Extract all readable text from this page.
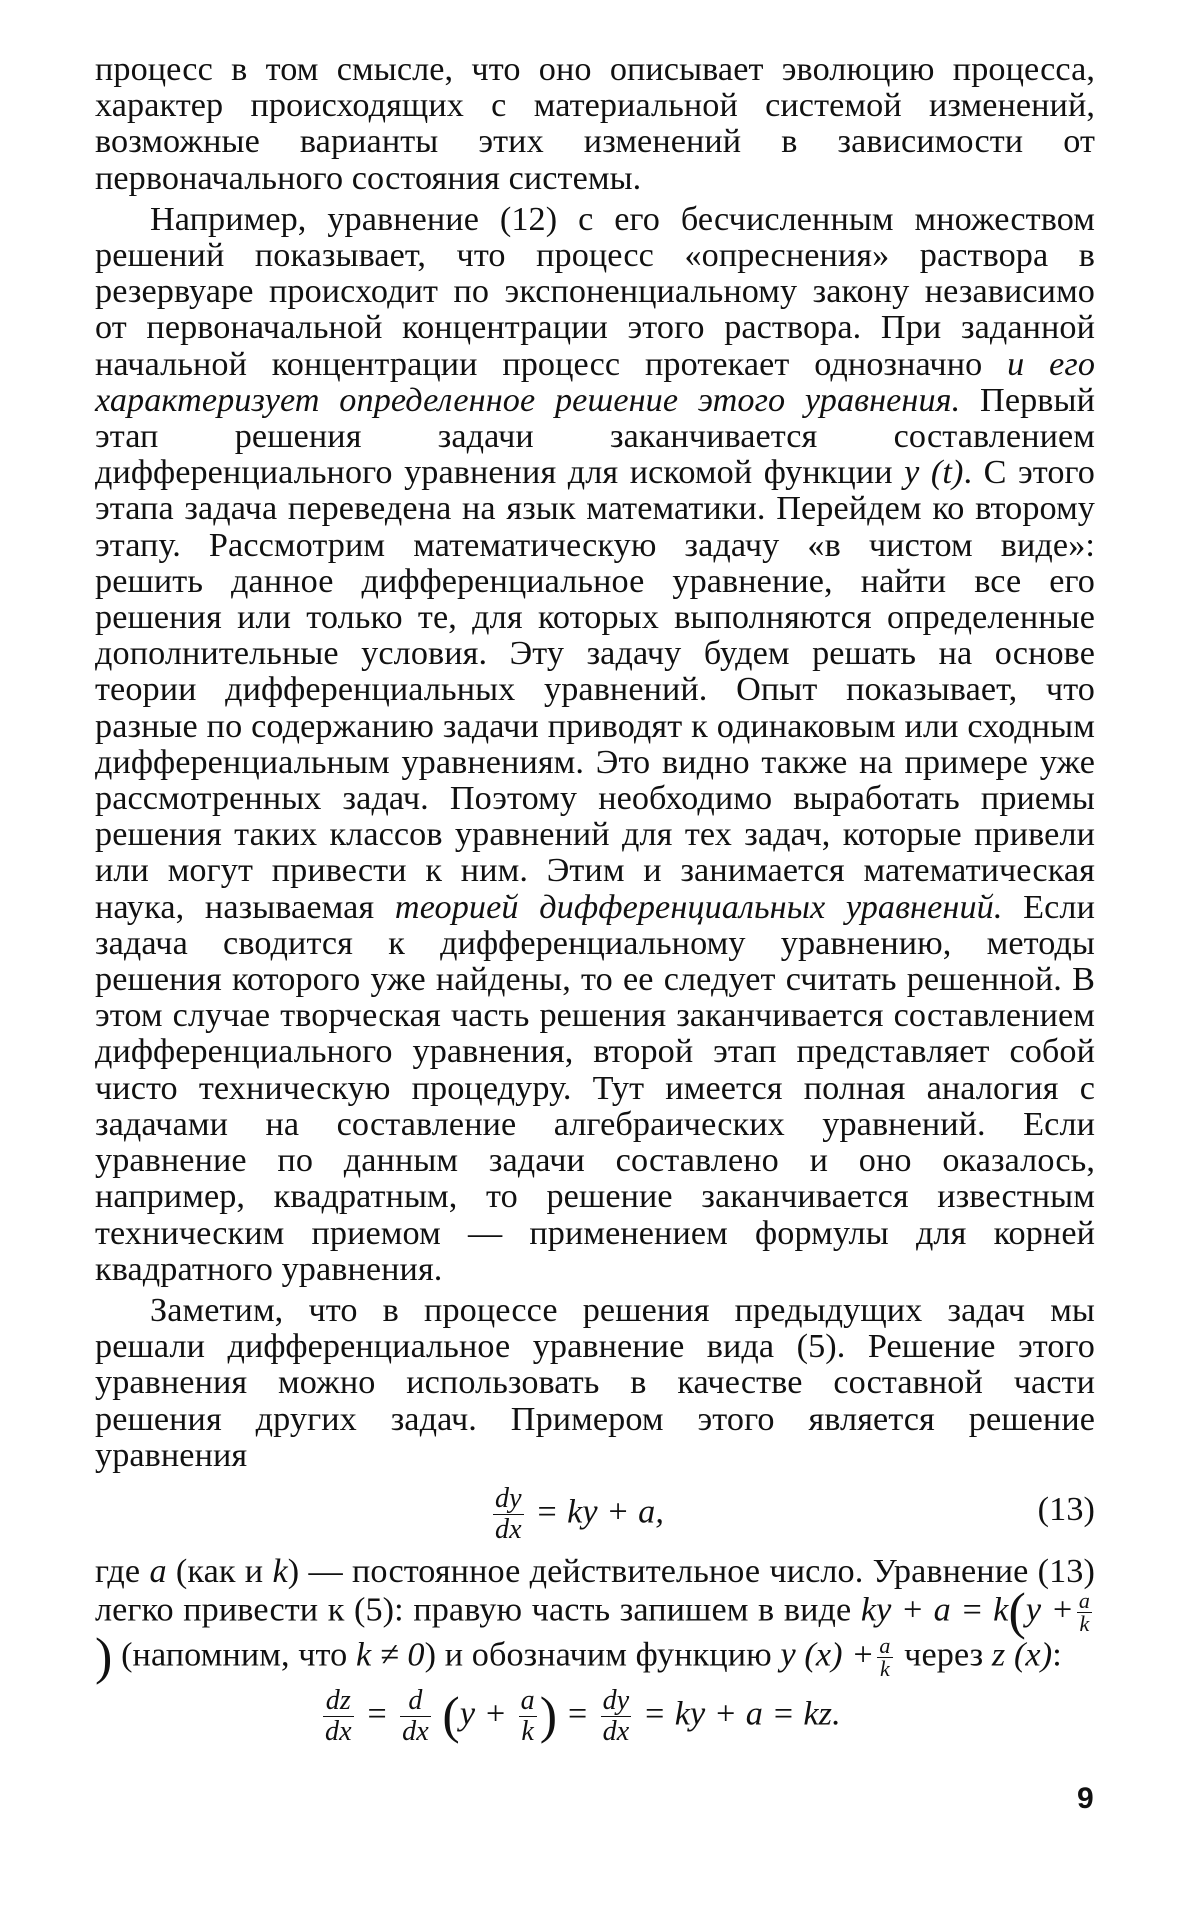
процесс в том смысле, что оно описывает эволюцию процесса, характер происходящих с материальной системой изменений, возможные варианты этих изменений в зависимости от первоначального состояния системы.

Например, уравнение (12) с его бесчисленным множеством решений показывает, что процесс «опреснения» раствора в резервуаре происходит по экспоненциальному закону независимо от первоначальной концентрации этого раствора. При заданной начальной концентрации процесс протекает однозначно и его характеризует определенное решение этого уравнения. Первый этап решения задачи заканчивается составлением дифференциального уравнения для искомой функции y (t). С этого этапа задача переведена на язык математики. Перейдем ко второму этапу. Рассмотрим математическую задачу «в чистом виде»: решить данное дифференциальное уравнение, найти все его решения или только те, для которых выполняются определенные дополнительные условия. Эту задачу будем решать на основе теории дифференциальных уравнений. Опыт показывает, что разные по содержанию задачи приводят к одинаковым или сходным дифференциальным уравнениям. Это видно также на примере уже рассмотренных задач. Поэтому необходимо выработать приемы решения таких классов уравнений для тех задач, которые привели или могут привести к ним. Этим и занимается математическая наука, называемая теорией дифференциальных уравнений. Если задача сводится к дифференциальному уравнению, методы решения которого уже найдены, то ее следует считать решенной. В этом случае творческая часть решения заканчивается составлением дифференциального уравнения, второй этап представляет собой чисто техническую процедуру. Тут имеется полная аналогия с задачами на составление алгебраических уравнений. Если уравнение по данным задачи составлено и оно оказалось, например, квадратным, то решение заканчивается известным техническим приемом — применением формулы для корней квадратного уравнения.

Заметим, что в процессе решения предыдущих задач мы решали дифференциальное уравнение вида (5). Решение этого уравнения можно использовать в качестве составной части решения других задач. Примером этого является решение уравнения

$\frac{dy}{dx}$ = ky + a,	(13)

где a (как и k) — постоянное действительное число. Уравнение (13) легко привести к (5): правую часть запишем в виде ky + $a = k(y + \frac{a}{k}$
) (напомним, что k ≠ 0) и обозначим функцию y $(x) + \frac{a}{k}$ через z (x):

$\frac{dz}{dx} = \frac{d}{dx} (y + \frac{a}{k}$ ) = $\frac{dy}{dx}$ = ky + a = kz.
9
